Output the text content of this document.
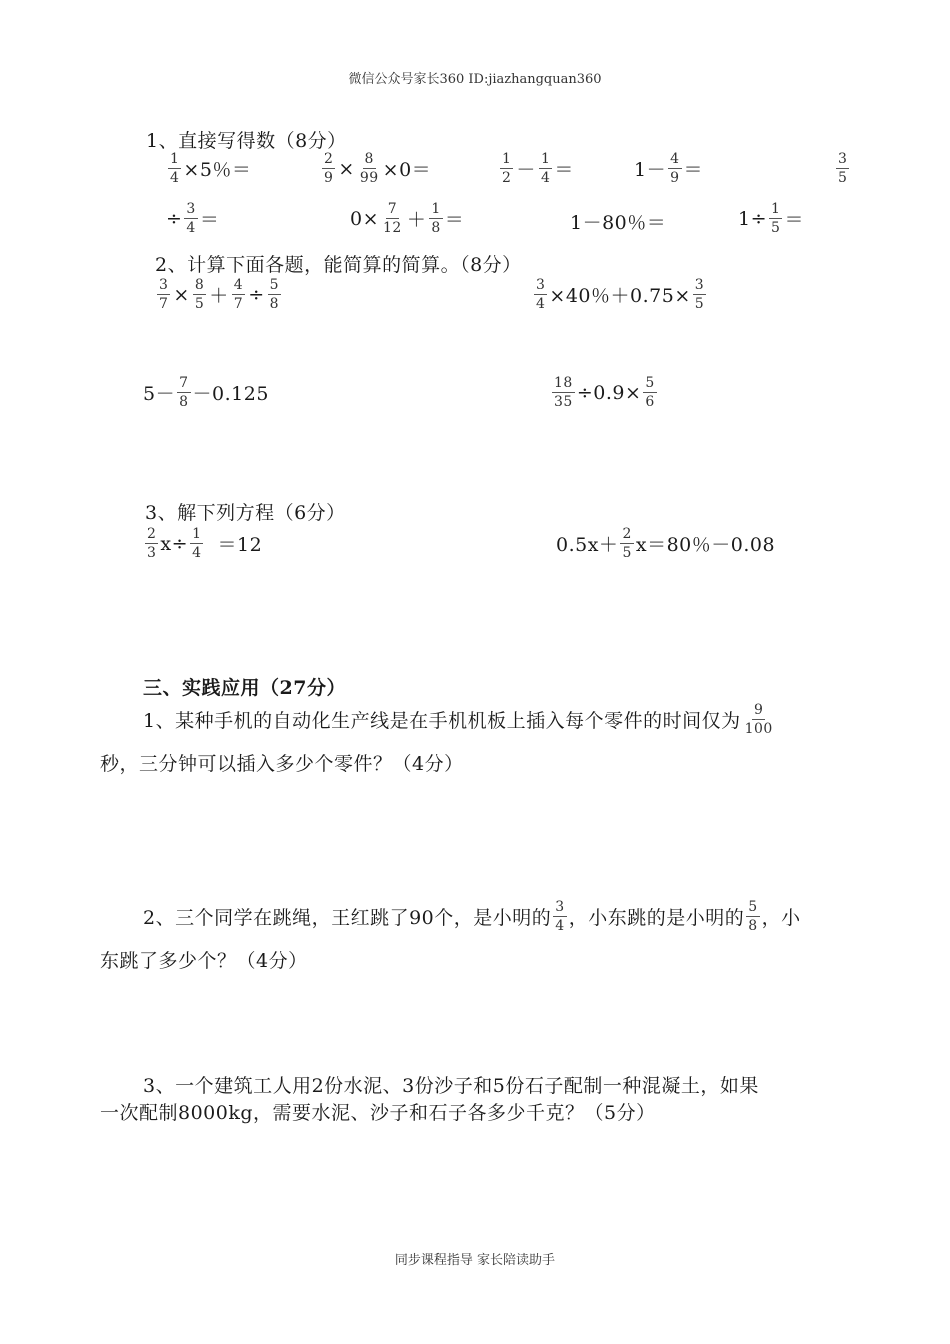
微信公众号家长360 ID:jiazhangquan360
1、直接写得数（8分）
$\frac{1}{4} \times 5$％＝	$\frac{2}{9} \times \frac{8}{99} \times 0=$	$\frac{1}{2} - \frac{1}{4}$ ＝	$1- \frac{4}{9}$ ＝	$\frac{3}{5}$
÷ $\frac{3}{4}$ ＝	$0\times \frac{7}{12} + \frac{1}{8}$ ＝	1－80％＝	$1\div \frac{1}{5}$ ＝
2、计算下面各题，能简算的简算。（8分）
$\frac{3}{7} \times \frac{8}{5} + \frac{4}{7} \div \frac{5}{8}$	$\frac{3}{4} \times 40$％$+0.75\times \frac{3}{5}$
$5- \frac{7}{8} -0.125$	$\frac{18}{35} \div 0.9\times \frac{5}{6}$
3、解下列方程（6分）
$\frac{2}{3} x\div \frac{1}{4} =12$	$0.5x+ \frac{2}{5} x=80$％－0.08
三、实践应用（27分）
1、某种手机的自动化生产线是在手机机板上插入每个零件的时间仅为 $\frac{9}{100}$
秒，三分钟可以插入多少个零件？（4分）
2、三个同学在跳绳，王红跳了90个，是小明的 $\frac{3}{4}$ ，小东跳的是小明的 $\frac{5}{8}$ ，小
东跳了多少个？（4分）
3、一个建筑工人用2份水泥、3份沙子和5份石子配制一种混凝土，如果
一次配制8000kg，需要水泥、沙子和石子各多少千克？（5分）
同步课程指导 家长陪读助手
